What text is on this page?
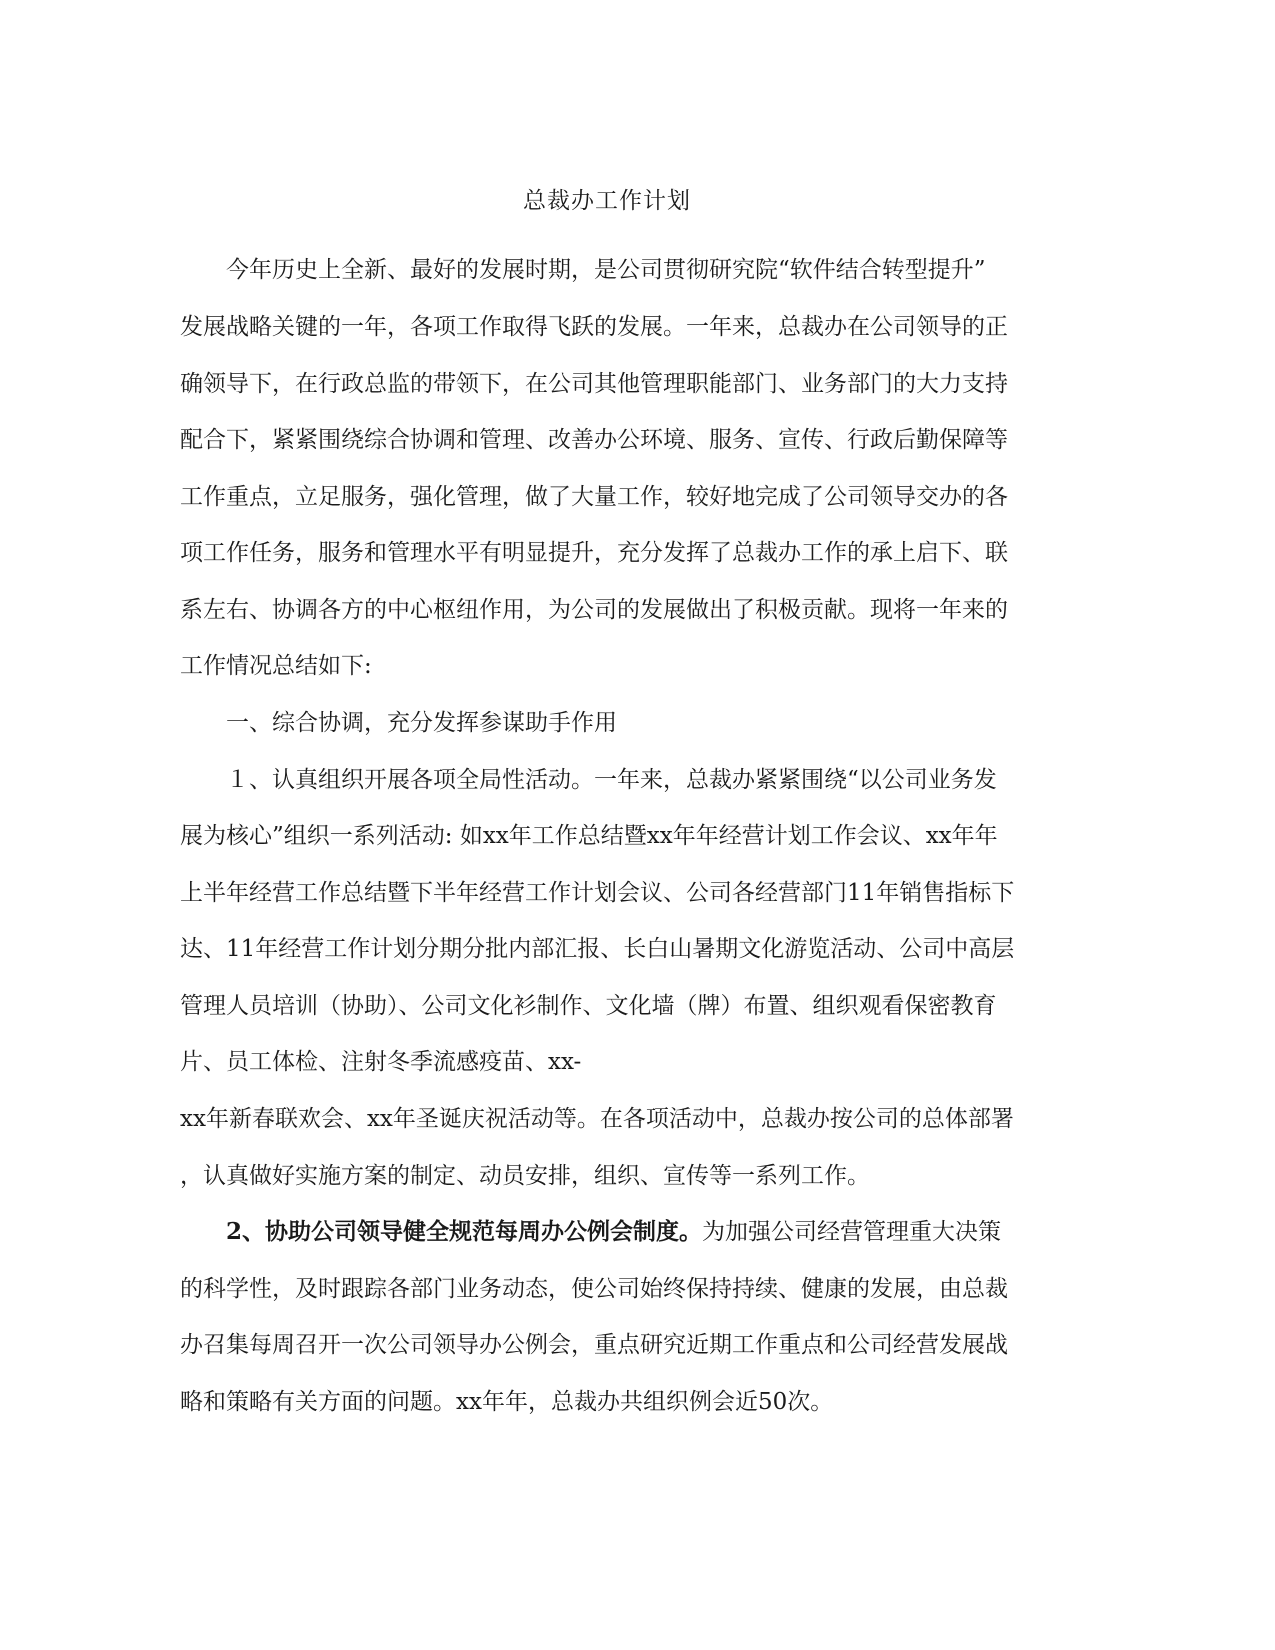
总裁办工作计划
今年历史上全新、最好的发展时期，是公司贯彻研究院“软件结合转型提升”
发展战略关键的一年，各项工作取得飞跃的发展。一年来，总裁办在公司领导的正
确领导下，在行政总监的带领下，在公司其他管理职能部门、业务部门的大力支持
配合下，紧紧围绕综合协调和管理、改善办公环境、服务、宣传、行政后勤保障等
工作重点，立足服务，强化管理，做了大量工作，较好地完成了公司领导交办的各
项工作任务，服务和管理水平有明显提升，充分发挥了总裁办工作的承上启下、联
系左右、协调各方的中心枢纽作用，为公司的发展做出了积极贡献。现将一年来的
工作情况总结如下:
一、综合协调，充分发挥参谋助手作用
１、认真组织开展各项全局性活动。一年来，总裁办紧紧围绕“以公司业务发
展为核心”组织一系列活动: 如xx年工作总结暨xx年年经营计划工作会议、xx年年
上半年经营工作总结暨下半年经营工作计划会议、公司各经营部门11年销售指标下
达、11年经营工作计划分期分批内部汇报、长白山暑期文化游览活动、公司中高层
管理人员培训（协助）、公司文化衫制作、文化墙（牌）布置、组织观看保密教育
片、员工体检、注射冬季流感疫苗、xx-
xx年新春联欢会、xx年圣诞庆祝活动等。在各项活动中，总裁办按公司的总体部署
，认真做好实施方案的制定、动员安排，组织、宣传等一系列工作。
2、协助公司领导健全规范每周办公例会制度。为加强公司经营管理重大决策
的科学性，及时跟踪各部门业务动态，使公司始终保持持续、健康的发展，由总裁
办召集每周召开一次公司领导办公例会，重点研究近期工作重点和公司经营发展战
略和策略有关方面的问题。xx年年，总裁办共组织例会近50次。
